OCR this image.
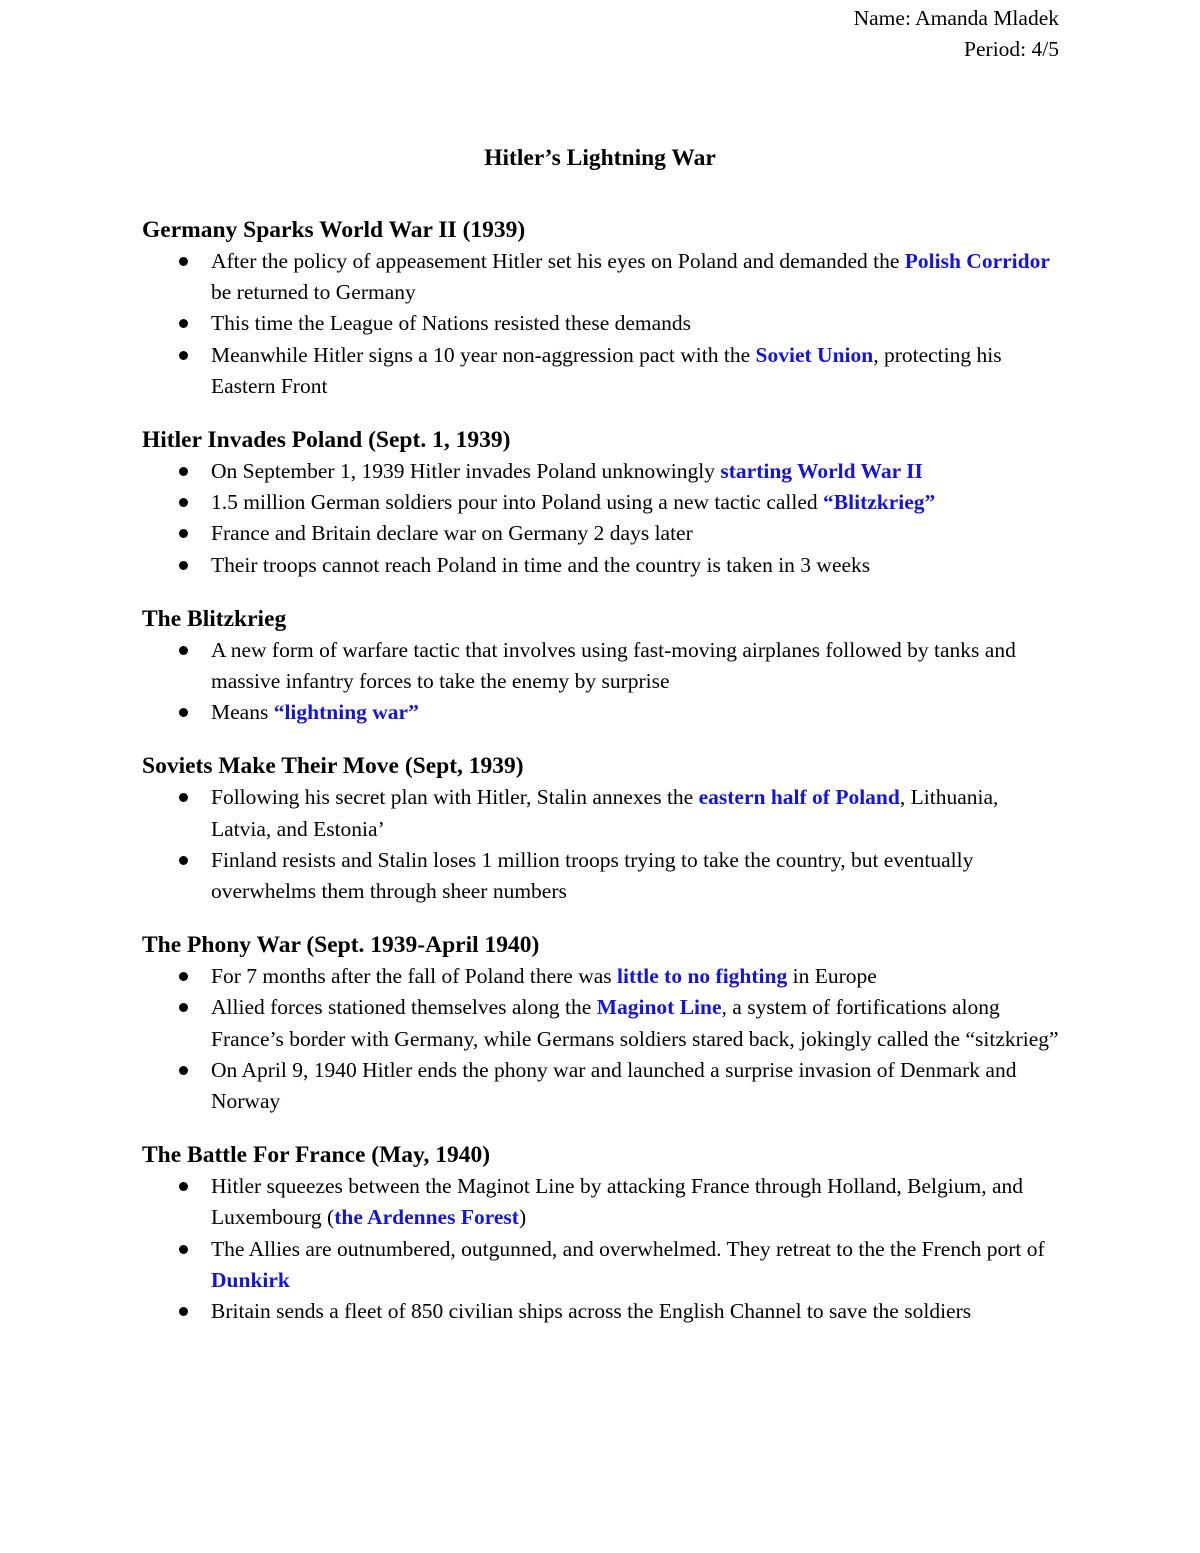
Name: Amanda Mladek
Period: 4/5
Hitler’s Lightning War
Germany Sparks World War II (1939)
After the policy of appeasement Hitler set his eyes on Poland and demanded the Polish Corridor be returned to Germany
This time the League of Nations resisted these demands
Meanwhile Hitler signs a 10 year non-aggression pact with the Soviet Union, protecting his Eastern Front
Hitler Invades Poland (Sept. 1, 1939)
On September 1, 1939 Hitler invades Poland unknowingly starting World War II
1.5 million German soldiers pour into Poland using a new tactic called “Blitzkrieg”
France and Britain declare war on Germany 2 days later
Their troops cannot reach Poland in time and the country is taken in 3 weeks
The Blitzkrieg
A new form of warfare tactic that involves using fast-moving airplanes followed by tanks and massive infantry forces to take the enemy by surprise
Means “lightning war”
Soviets Make Their Move (Sept, 1939)
Following his secret plan with Hitler, Stalin annexes the eastern half of Poland, Lithuania, Latvia, and Estonia’
Finland resists and Stalin loses 1 million troops trying to take the country, but eventually overwhelms them through sheer numbers
The Phony War (Sept. 1939-April 1940)
For 7 months after the fall of Poland there was little to no fighting in Europe
Allied forces stationed themselves along the Maginot Line, a system of fortifications along France’s border with Germany, while Germans soldiers stared back, jokingly called the “sitzkrieg”
On April 9, 1940 Hitler ends the phony war and launched a surprise invasion of Denmark and Norway
The Battle For France (May, 1940)
Hitler squeezes between the Maginot Line by attacking France through Holland, Belgium, and Luxembourg (the Ardennes Forest)
The Allies are outnumbered, outgunned, and overwhelmed. They retreat to the the French port of Dunkirk
Britain sends a fleet of 850 civilian ships across the English Channel to save the soldiers
